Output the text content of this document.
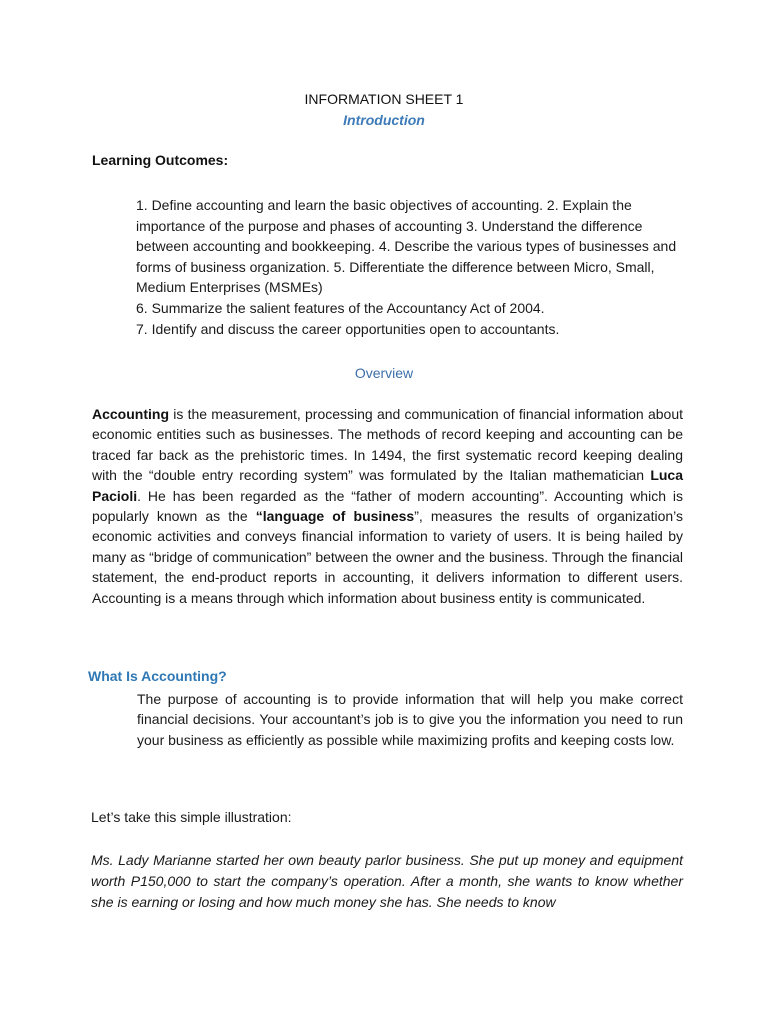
INFORMATION SHEET 1
Introduction
Learning Outcomes:

1. Define accounting and learn the basic objectives of accounting. 2. Explain the importance of the purpose and phases of accounting 3. Understand the difference between accounting and bookkeeping. 4. Describe the various types of businesses and forms of business organization. 5. Differentiate the difference between Micro, Small, Medium Enterprises (MSMEs)

6. Summarize the salient features of the Accountancy Act of 2004.

7. Identify and discuss the career opportunities open to accountants.

Overview
Accounting is the measurement, processing and communication of financial information about economic entities such as businesses. The methods of record keeping and accounting can be traced far back as the prehistoric times. In 1494, the first systematic record keeping dealing with the “double entry recording system” was formulated by the Italian mathematician Luca Pacioli. He has been regarded as the “father of modern accounting”. Accounting which is popularly known as the “language of business”, measures the results of organization’s economic activities and conveys financial information to variety of users. It is being hailed by many as “bridge of communication” between the owner and the business. Through the financial statement, the end-product reports in accounting, it delivers information to different users. Accounting is a means through which information about business entity is communicated.
What Is Accounting?
The purpose of accounting is to provide information that will help you make correct financial decisions. Your accountant’s job is to give you the information you need to run your business as efficiently as possible while maximizing profits and keeping costs low.
Let’s take this simple illustration:
Ms. Lady Marianne started her own beauty parlor business. She put up money and equipment worth P150,000 to start the company’s operation. After a month, she wants to know whether she is earning or losing and how much money she has. She needs to know
